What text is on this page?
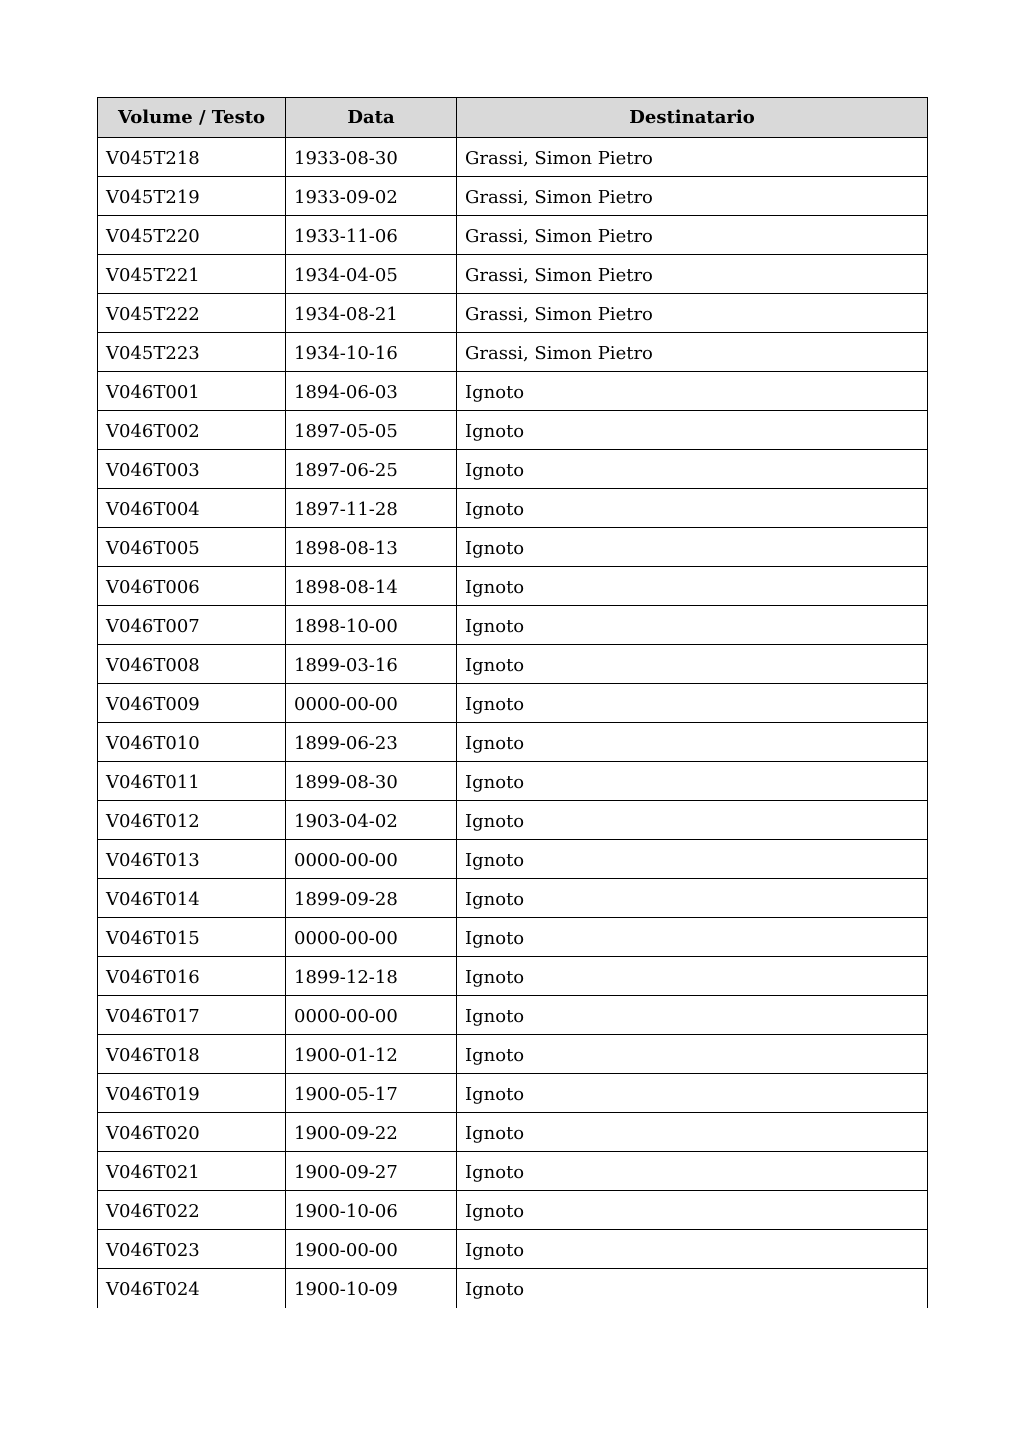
Volume / Testo	Data	Destinatario
V045T218	1933-08-30	Grassi, Simon Pietro
V045T219	1933-09-02	Grassi, Simon Pietro
V045T220	1933-11-06	Grassi, Simon Pietro
V045T221	1934-04-05	Grassi, Simon Pietro
V045T222	1934-08-21	Grassi, Simon Pietro
V045T223	1934-10-16	Grassi, Simon Pietro
V046T001	1894-06-03	Ignoto
V046T002	1897-05-05	Ignoto
V046T003	1897-06-25	Ignoto
V046T004	1897-11-28	Ignoto
V046T005	1898-08-13	Ignoto
V046T006	1898-08-14	Ignoto
V046T007	1898-10-00	Ignoto
V046T008	1899-03-16	Ignoto
V046T009	0000-00-00	Ignoto
V046T010	1899-06-23	Ignoto
V046T011	1899-08-30	Ignoto
V046T012	1903-04-02	Ignoto
V046T013	0000-00-00	Ignoto
V046T014	1899-09-28	Ignoto
V046T015	0000-00-00	Ignoto
V046T016	1899-12-18	Ignoto
V046T017	0000-00-00	Ignoto
V046T018	1900-01-12	Ignoto
V046T019	1900-05-17	Ignoto
V046T020	1900-09-22	Ignoto
V046T021	1900-09-27	Ignoto
V046T022	1900-10-06	Ignoto
V046T023	1900-00-00	Ignoto
V046T024	1900-10-09	Ignoto
